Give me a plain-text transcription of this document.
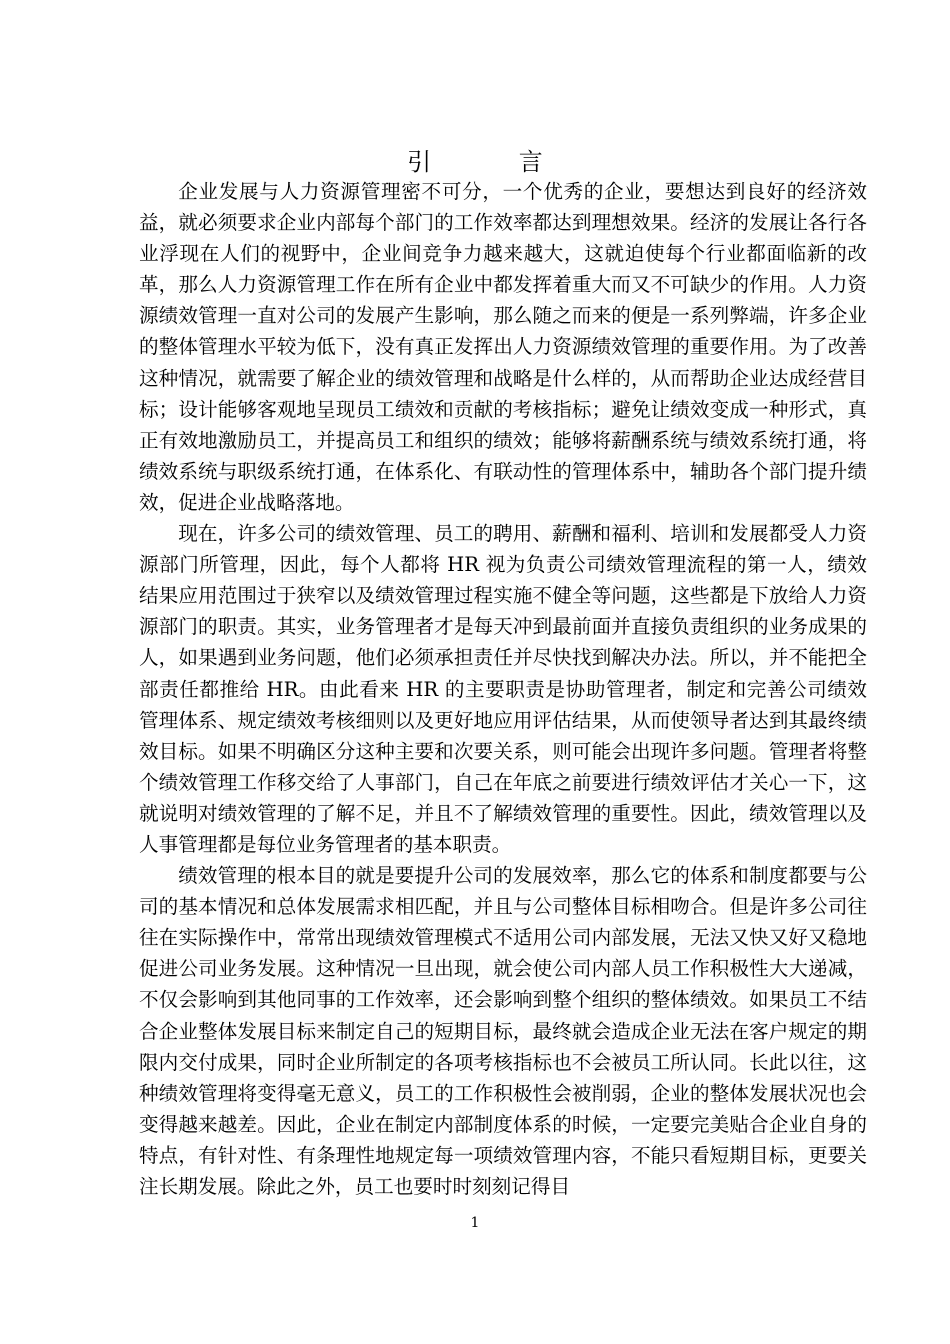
引 言

企业发展与人力资源管理密不可分，一个优秀的企业，要想达到良好的经济效益，就必须要求企业内部每个部门的工作效率都达到理想效果。经济的发展让各行各业浮现在人们的视野中，企业间竞争力越来越大，这就迫使每个行业都面临新的改革，那么人力资源管理工作在所有企业中都发挥着重大而又不可缺少的作用。人力资源绩效管理一直对公司的发展产生影响，那么随之而来的便是一系列弊端，许多企业的整体管理水平较为低下，没有真正发挥出人力资源绩效管理的重要作用。为了改善这种情况，就需要了解企业的绩效管理和战略是什么样的，从而帮助企业达成经营目标；设计能够客观地呈现员工绩效和贡献的考核指标；避免让绩效变成一种形式，真正有效地激励员工，并提高员工和组织的绩效；能够将薪酬系统与绩效系统打通，将绩效系统与职级系统打通，在体系化、有联动性的管理体系中，辅助各个部门提升绩效，促进企业战略落地。

现在，许多公司的绩效管理、员工的聘用、薪酬和福利、培训和发展都受人力资源部门所管理，因此，每个人都将 HR 视为负责公司绩效管理流程的第一人，绩效结果应用范围过于狭窄以及绩效管理过程实施不健全等问题，这些都是下放给人力资源部门的职责。其实，业务管理者才是每天冲到最前面并直接负责组织的业务成果的人，如果遇到业务问题，他们必须承担责任并尽快找到解决办法。所以，并不能把全部责任都推给 HR。由此看来 HR 的主要职责是协助管理者，制定和完善公司绩效管理体系、规定绩效考核细则以及更好地应用评估结果，从而使领导者达到其最终绩效目标。如果不明确区分这种主要和次要关系，则可能会出现许多问题。管理者将整个绩效管理工作移交给了人事部门，自己在年底之前要进行绩效评估才关心一下，这就说明对绩效管理的了解不足，并且不了解绩效管理的重要性。因此，绩效管理以及人事管理都是每位业务管理者的基本职责。

绩效管理的根本目的就是要提升公司的发展效率，那么它的体系和制度都要与公司的基本情况和总体发展需求相匹配，并且与公司整体目标相吻合。但是许多公司往往在实际操作中，常常出现绩效管理模式不适用公司内部发展，无法又快又好又稳地促进公司业务发展。这种情况一旦出现，就会使公司内部人员工作积极性大大递减，不仅会影响到其他同事的工作效率，还会影响到整个组织的整体绩效。如果员工不结合企业整体发展目标来制定自己的短期目标，最终就会造成企业无法在客户规定的期限内交付成果，同时企业所制定的各项考核指标也不会被员工所认同。长此以往，这种绩效管理将变得毫无意义，员工的工作积极性会被削弱，企业的整体发展状况也会变得越来越差。因此，企业在制定内部制度体系的时候，一定要完美贴合企业自身的特点，有针对性、有条理性地规定每一项绩效管理内容，不能只看短期目标，更要关注长期发展。除此之外，员工也要时时刻刻记得目

1
